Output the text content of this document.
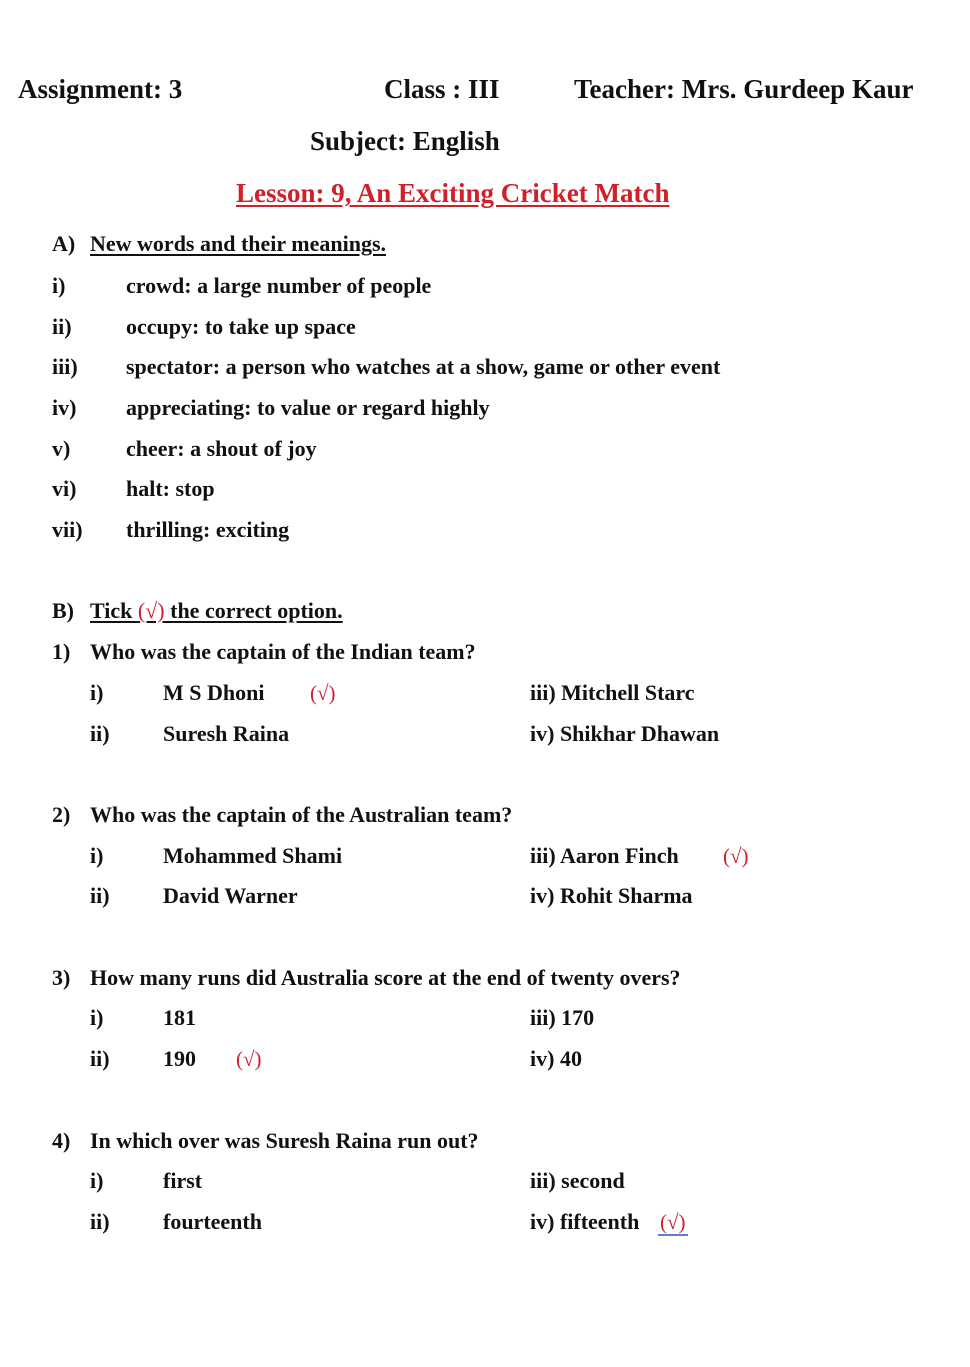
Assignment: 3	Class : III	Teacher: Mrs. Gurdeep Kaur
Subject: English
Lesson: 9, An Exciting Cricket Match
A) New words and their meanings.
i)	crowd: a large number of people
ii) occupy: to take up space
iii) spectator: a person who watches at a show, game or other event
iv) appreciating: to value or regard highly
v)	cheer: a shout of joy
vi) halt: stop
vii) thrilling: exciting
B) Tick (√) the correct option.
1) Who was the captain of the Indian team?
i)	M S Dhoni (√)	iii) Mitchell Starc
ii) Suresh Raina	iv) Shikhar Dhawan
2) Who was the captain of the Australian team?
i)	Mohammed Shami	iii) Aaron Finch (√)
ii) David Warner	iv) Rohit Sharma
3) How many runs did Australia score at the end of twenty overs?
i)	181	iii) 170
ii) 190 (√)	iv) 40
4) In which over was Suresh Raina run out?
i)	first	iii) second
ii) fourteenth	iv) fifteenth (√)
